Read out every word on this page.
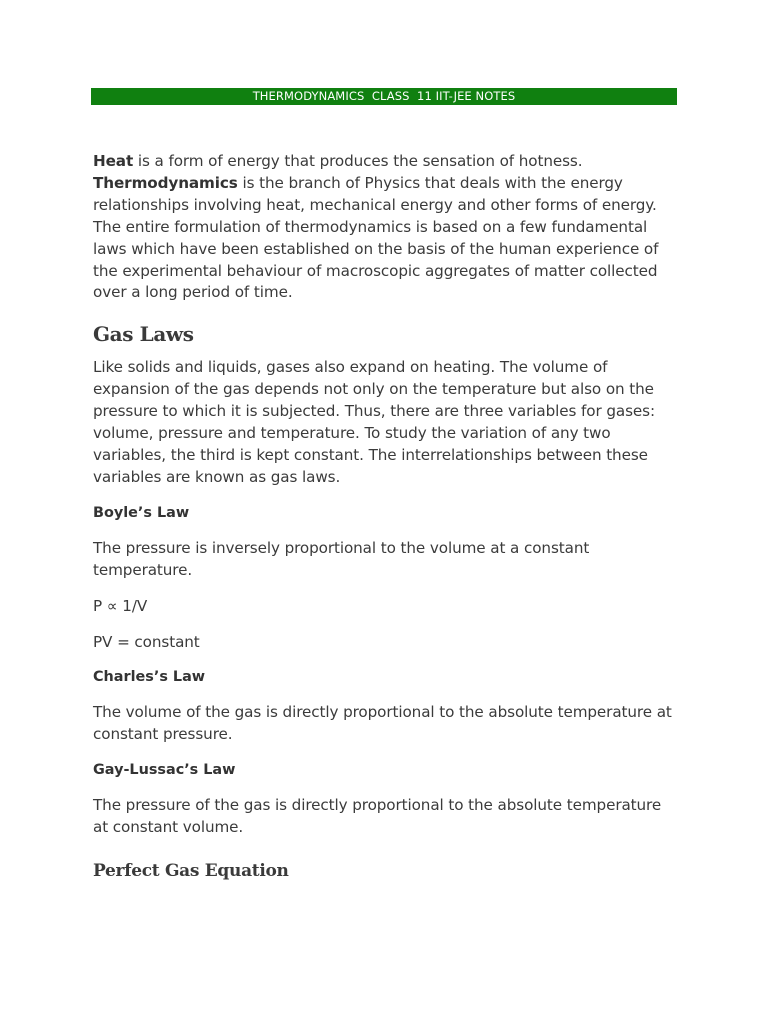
THERMODYNAMICS  CLASS  11 IIT-JEE NOTES

Heat is a form of energy that produces the sensation of hotness. Thermodynamics is the branch of Physics that deals with the energy relationships involving heat, mechanical energy and other forms of energy. The entire formulation of thermodynamics is based on a few fundamental laws which have been established on the basis of the human experience of the experimental behaviour of macroscopic aggregates of matter collected over a long period of time.

Gas Laws

Like solids and liquids, gases also expand on heating. The volume of expansion of the gas depends not only on the temperature but also on the pressure to which it is subjected. Thus, there are three variables for gases: volume, pressure and temperature. To study the variation of any two variables, the third is kept constant. The interrelationships between these variables are known as gas laws.

Boyle’s Law

The pressure is inversely proportional to the volume at a constant temperature.

P ∝ 1/V

PV = constant

Charles’s Law

The volume of the gas is directly proportional to the absolute temperature at constant pressure.

Gay-Lussac’s Law

The pressure of the gas is directly proportional to the absolute temperature at constant volume.

Perfect Gas Equation
